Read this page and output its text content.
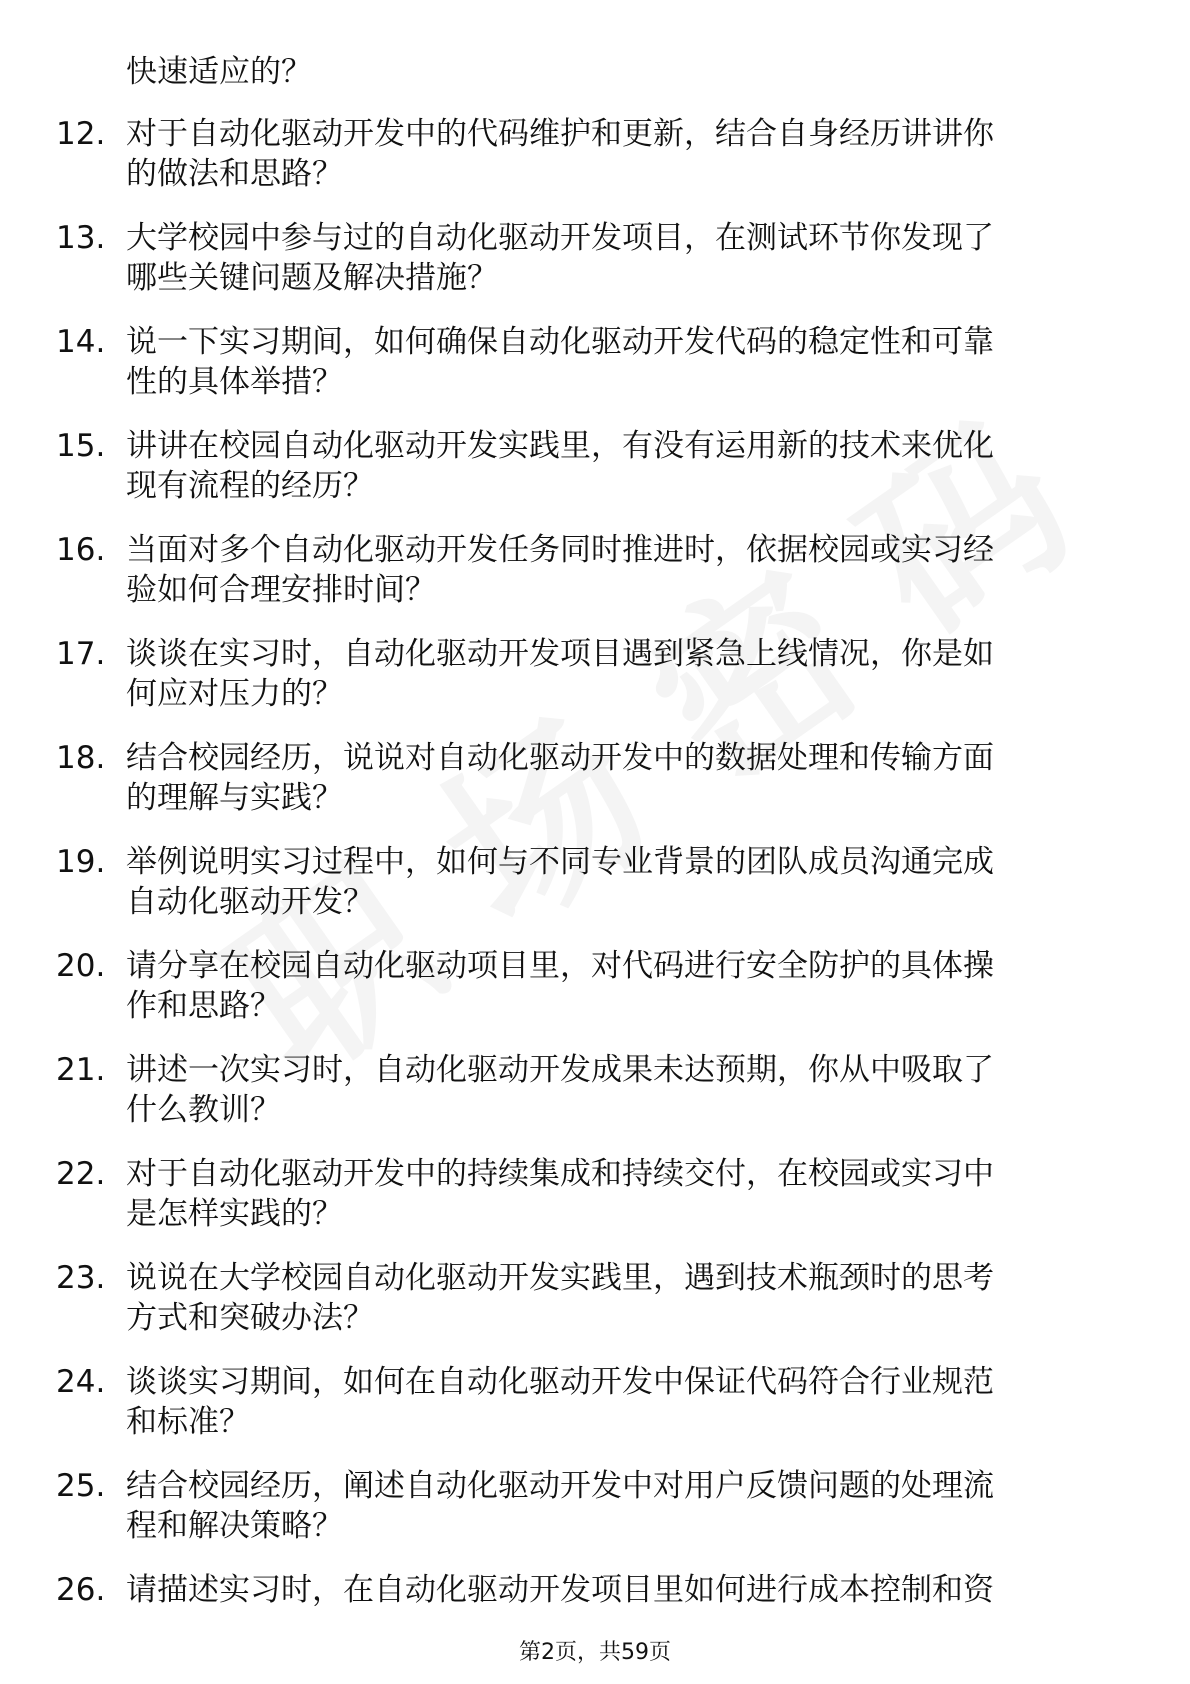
快速适应的？
12. 对于自动化驱动开发中的代码维护和更新，结合自身经历讲讲你
的做法和思路？
13. 大学校园中参与过的自动化驱动开发项目，在测试环节你发现了
哪些关键问题及解决措施？
14. 说一下实习期间，如何确保自动化驱动开发代码的稳定性和可靠
性的具体举措？
15. 讲讲在校园自动化驱动开发实践里，有没有运用新的技术来优化
现有流程的经历？
16. 当面对多个自动化驱动开发任务同时推进时，依据校园或实习经
验如何合理安排时间？
17. 谈谈在实习时，自动化驱动开发项目遇到紧急上线情况，你是如
何应对压力的？
18. 结合校园经历，说说对自动化驱动开发中的数据处理和传输方面
的理解与实践？
19. 举例说明实习过程中，如何与不同专业背景的团队成员沟通完成
自动化驱动开发？
20. 请分享在校园自动化驱动项目里，对代码进行安全防护的具体操
作和思路？
21. 讲述一次实习时，自动化驱动开发成果未达预期，你从中吸取了
什么教训？
22. 对于自动化驱动开发中的持续集成和持续交付，在校园或实习中
是怎样实践的？
23. 说说在大学校园自动化驱动开发实践里，遇到技术瓶颈时的思考
方式和突破办法？
24. 谈谈实习期间，如何在自动化驱动开发中保证代码符合行业规范
和标准？
25. 结合校园经历，阐述自动化驱动开发中对用户反馈问题的处理流
程和解决策略？
26. 请描述实习时，在自动化驱动开发项目里如何进行成本控制和资
第2页，共59页
